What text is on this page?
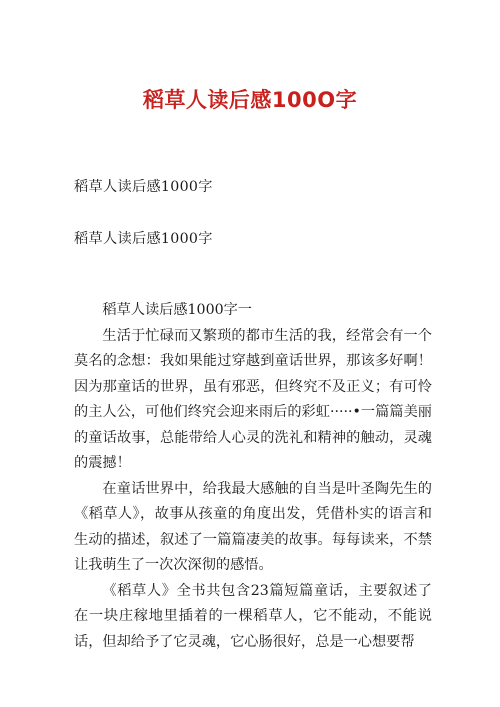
稻草人读后感100O字
稻草人读后感1000字
稻草人读后感1000字

稻草人读后感1000字一

生活于忙碌而又繁琐的都市生活的我，经常会有一个莫名的念想：我如果能过穿越到童话世界，那该多好啊！因为那童话的世界，虽有邪恶，但终究不及正义；有可怜的主人公，可他们终究会迎来雨后的彩虹·····•一篇篇美丽的童话故事，总能带给人心灵的洗礼和精神的触动，灵魂的震撼！

在童话世界中，给我最大感触的自当是叶圣陶先生的《稻草人》，故事从孩童的角度出发，凭借朴实的语言和生动的描述，叙述了一篇篇凄美的故事。每每读来，不禁让我萌生了一次次深彻的感悟。

《稻草人》全书共包含23篇短篇童话，主要叙述了在一块庄稼地里插着的一棵稻草人，它不能动，不能说话，但却给予了它灵魂，它心肠很好，总是一心想要帮
